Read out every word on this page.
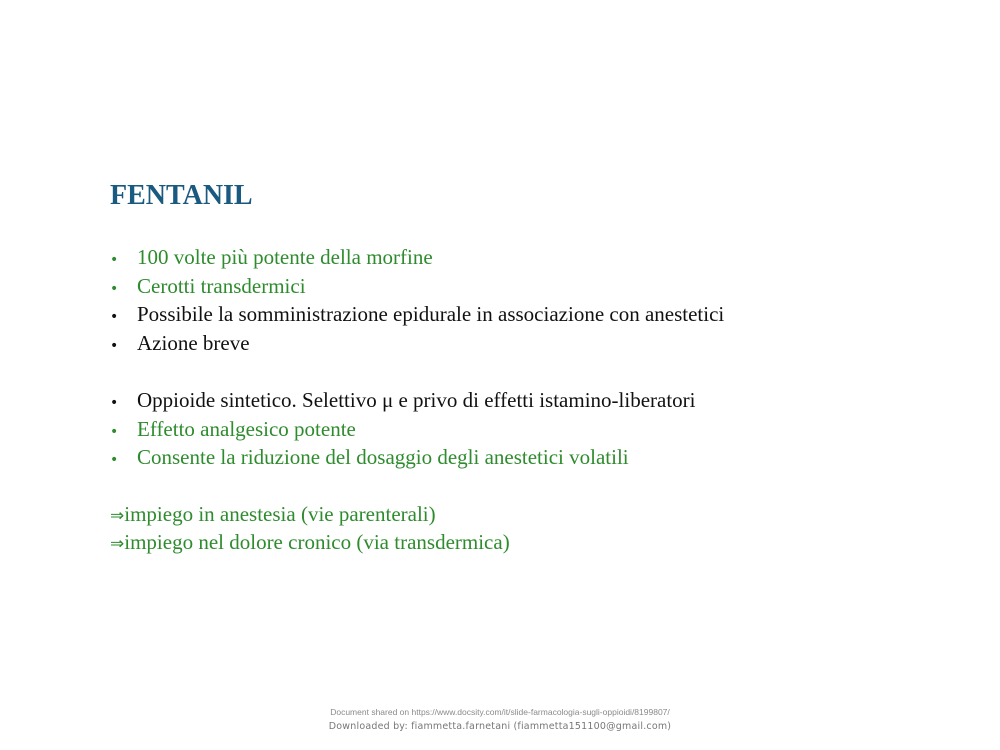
FENTANIL
• 100 volte più potente della morfine
• Cerotti transdermici
• Possibile la somministrazione epidurale in associazione con anestetici
• Azione breve
• Oppioide sintetico. Selettivo μ e privo di effetti istamino-liberatori
• Effetto analgesico potente
• Consente la riduzione del dosaggio degli anestetici volatili
⇒impiego in anestesia (vie parenterali)
⇒impiego nel dolore cronico (via transdermica)
Document shared on https://www.docsity.com/it/slide-farmacologia-sugli-oppioidi/8199807/
Downloaded by: fiammetta.farnetani (fiammetta151100@gmail.com)
